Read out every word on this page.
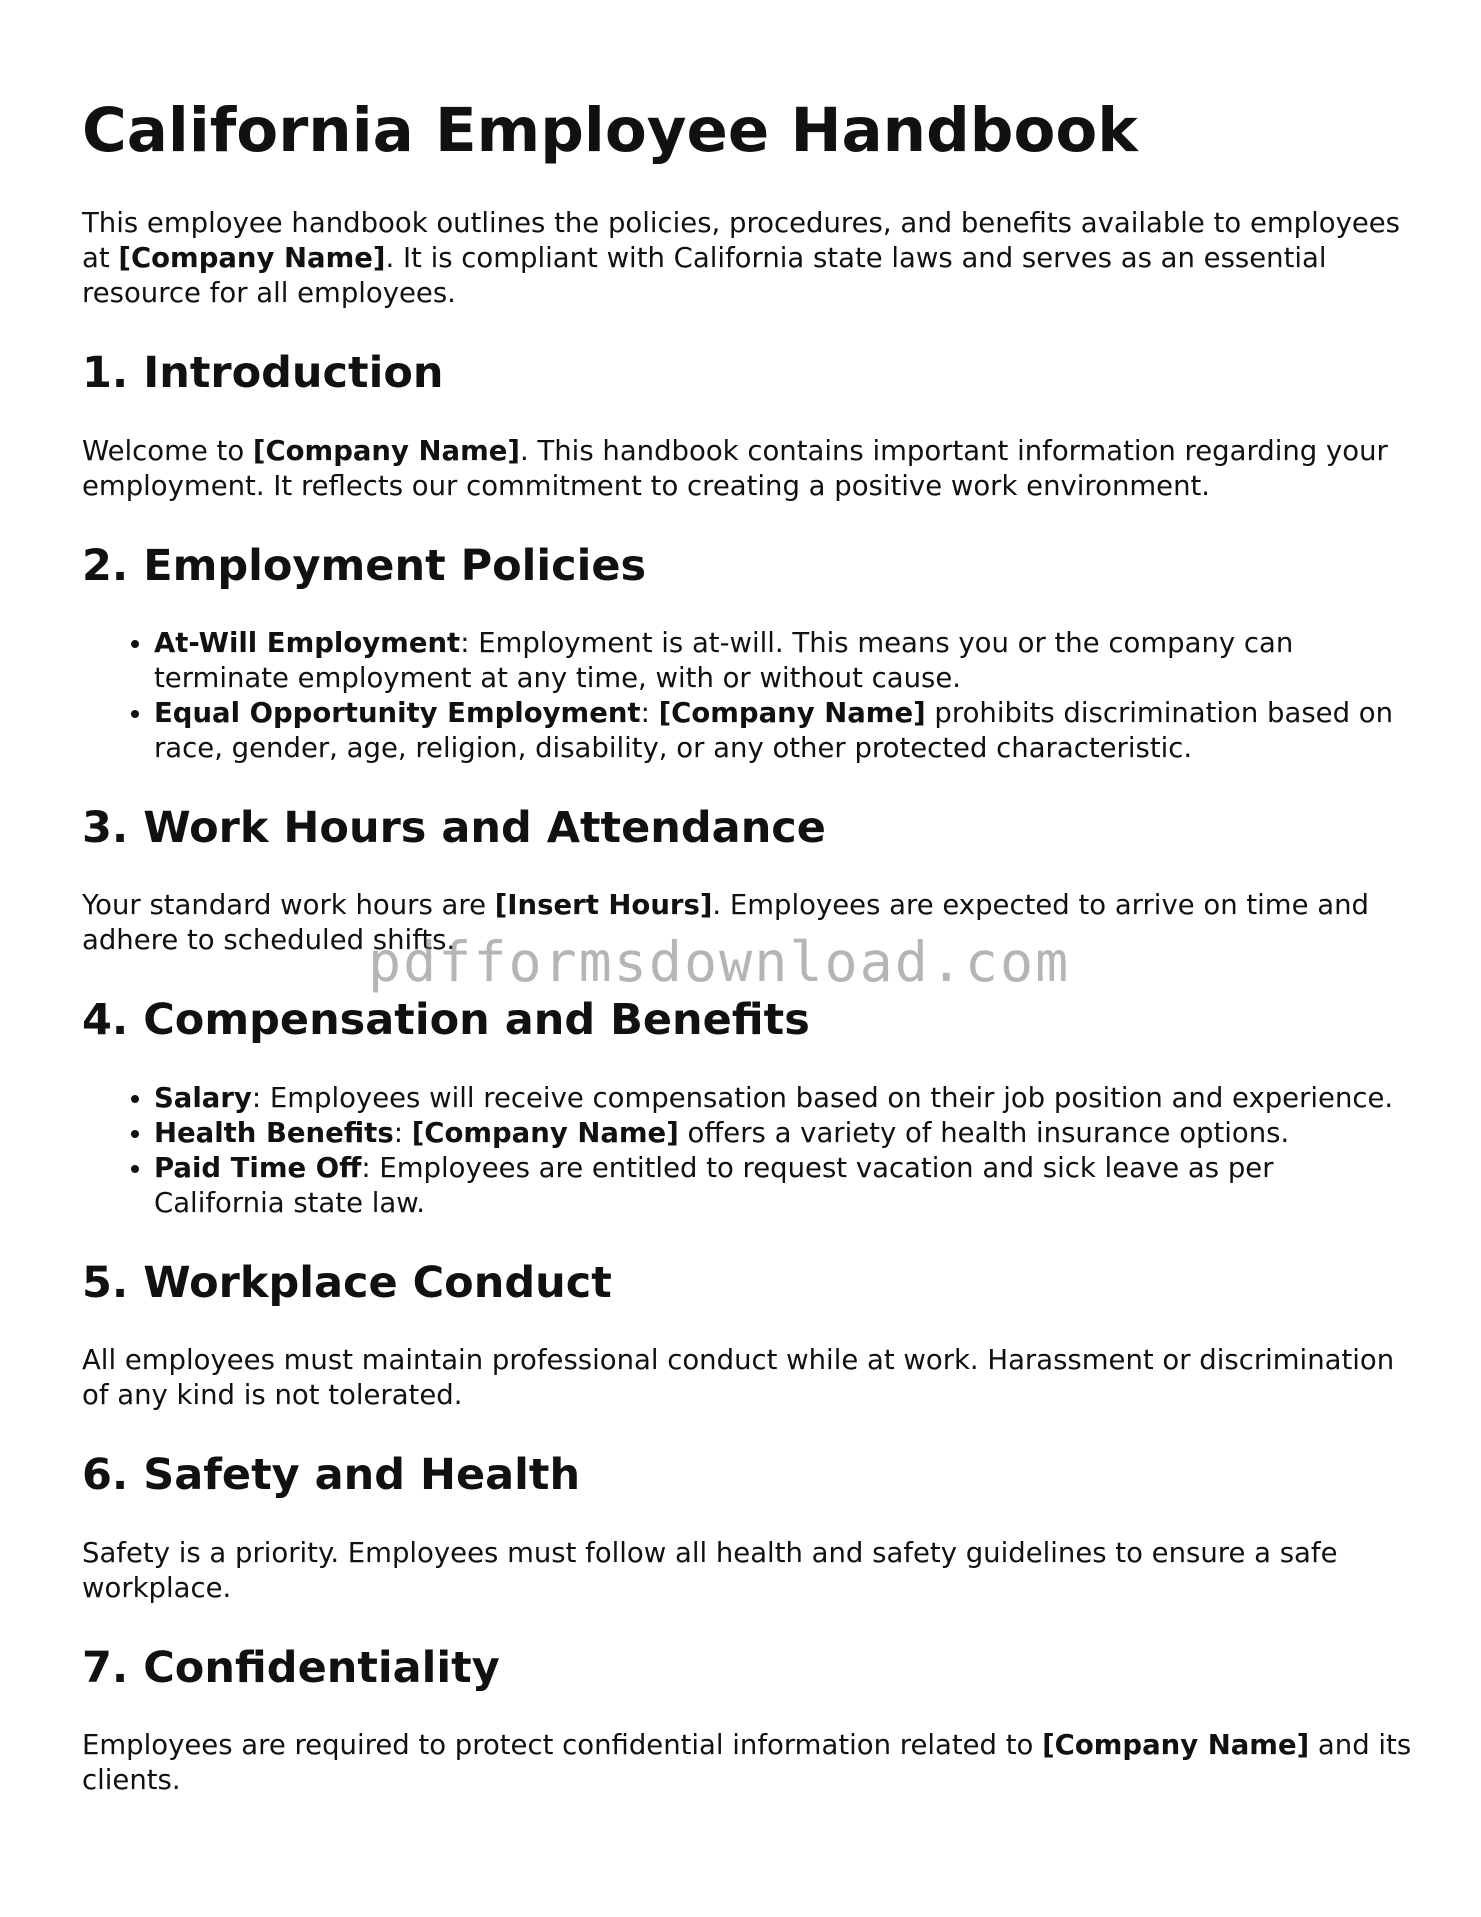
California Employee Handbook

This employee handbook outlines the policies, procedures, and benefits available to employees at [Company Name]. It is compliant with California state laws and serves as an essential resource for all employees.

1. Introduction

Welcome to [Company Name]. This handbook contains important information regarding your employment. It reflects our commitment to creating a positive work environment.

2. Employment Policies
• At-Will Employment: Employment is at-will. This means you or the company can terminate employment at any time, with or without cause.
• Equal Opportunity Employment: [Company Name] prohibits discrimination based on race, gender, age, religion, disability, or any other protected characteristic.
3. Work Hours and Attendance

Your standard work hours are [Insert Hours]. Employees are expected to arrive on time and adhere to scheduled shifts.

4. Compensation and Benefits
• Salary: Employees will receive compensation based on their job position and experience.
• Health Benefits: [Company Name] offers a variety of health insurance options.
• Paid Time Off: Employees are entitled to request vacation and sick leave as per California state law.
5. Workplace Conduct

All employees must maintain professional conduct while at work. Harassment or discrimination of any kind is not tolerated.

6. Safety and Health

Safety is a priority. Employees must follow all health and safety guidelines to ensure a safe workplace.

7. Confidentiality

Employees are required to protect confidential information related to [Company Name] and its clients.

pdfformsdownload.com
